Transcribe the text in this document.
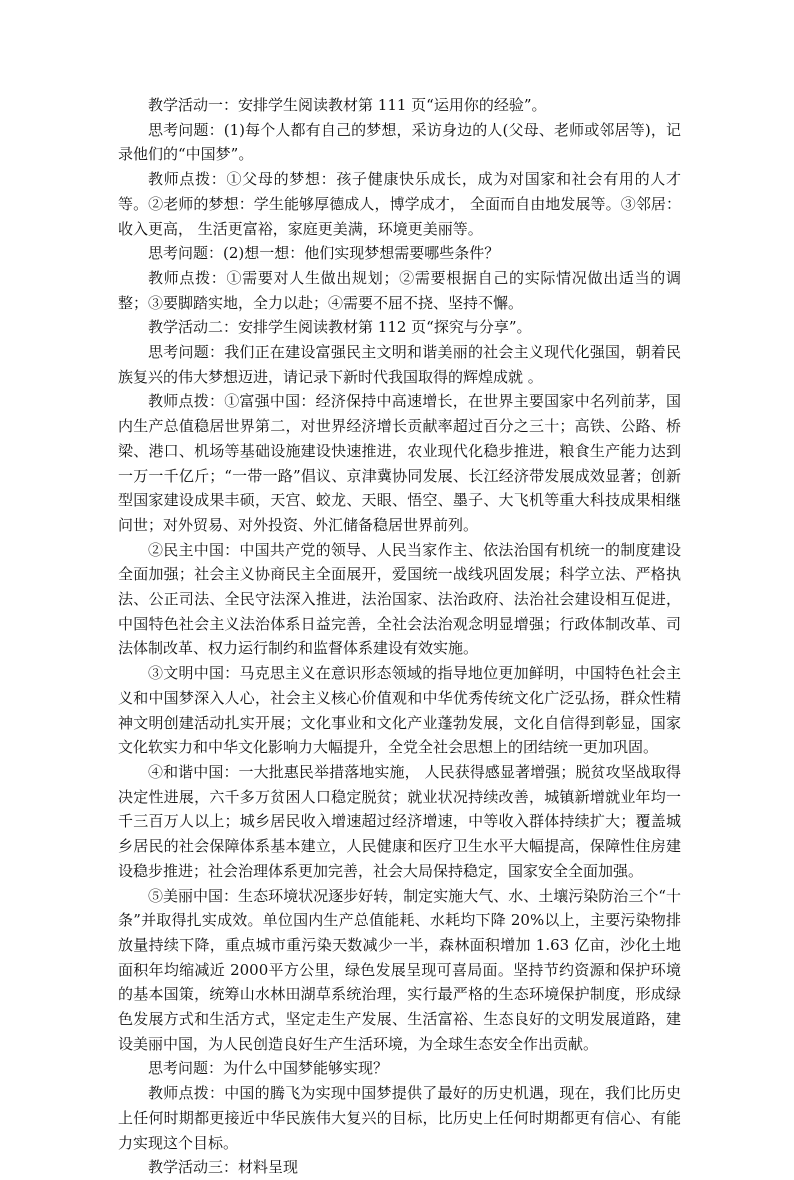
教学活动一：安排学生阅读教材第 111 页“运用你的经验”。

思考问题：(1)每个人都有自己的梦想，采访身边的人(父母、老师或邻居等)，记录他们的“中国梦”。

教师点拨：①父母的梦想：孩子健康快乐成长，成为对国家和社会有用的人才等。②老师的梦想：学生能够厚德成人，博学成才， 全面而自由地发展等。③邻居：收入更高， 生活更富裕，家庭更美满，环境更美丽等。

思考问题：(2)想一想：他们实现梦想需要哪些条件？

教师点拨：①需要对人生做出规划；②需要根据自己的实际情况做出适当的调整；③要脚踏实地，全力以赴；④需要不屈不挠、坚持不懈。

教学活动二：安排学生阅读教材第 112 页“探究与分享”。

思考问题：我们正在建设富强民主文明和谐美丽的社会主义现代化强国，朝着民族复兴的伟大梦想迈进，请记录下新时代我国取得的辉煌成就 。

教师点拨：①富强中国：经济保持中高速增长，在世界主要国家中名列前茅，国内生产总值稳居世界第二，对世界经济增长贡献率超过百分之三十；高铁、公路、桥梁、港口、机场等基础设施建设快速推进，农业现代化稳步推进，粮食生产能力达到一万一千亿斤；“一带一路”倡议、京津冀协同发展、长江经济带发展成效显著；创新型国家建设成果丰硕，天宫、蛟龙、天眼、悟空、墨子、大飞机等重大科技成果相继问世；对外贸易、对外投资、外汇储备稳居世界前列。

②民主中国：中国共产党的领导、人民当家作主、依法治国有机统一的制度建设全面加强；社会主义协商民主全面展开，爱国统一战线巩固发展；科学立法、严格执法、公正司法、全民守法深入推进，法治国家、法治政府、法治社会建设相互促进，中国特色社会主义法治体系日益完善，全社会法治观念明显增强；行政体制改革、司法体制改革、权力运行制约和监督体系建设有效实施。

③文明中国：马克思主义在意识形态领域的指导地位更加鲜明，中国特色社会主义和中国梦深入人心，社会主义核心价值观和中华优秀传统文化广泛弘扬，群众性精神文明创建活动扎实开展；文化事业和文化产业蓬勃发展，文化自信得到彰显，国家文化软实力和中华文化影响力大幅提升，全党全社会思想上的团结统一更加巩固。

④和谐中国：一大批惠民举措落地实施， 人民获得感显著增强；脱贫攻坚战取得决定性进展，六千多万贫困人口稳定脱贫；就业状况持续改善，城镇新增就业年均一千三百万人以上；城乡居民收入增速超过经济增速，中等收入群体持续扩大；覆盖城乡居民的社会保障体系基本建立，人民健康和医疗卫生水平大幅提高，保障性住房建设稳步推进；社会治理体系更加完善，社会大局保持稳定，国家安全全面加强。

⑤美丽中国：生态环境状况逐步好转，制定实施大气、水、土壤污染防治三个“十条”并取得扎实成效。单位国内生产总值能耗、水耗均下降 20%以上，主要污染物排放量持续下降，重点城市重污染天数减少一半，森林面积增加 1.63 亿亩，沙化土地面积年均缩减近 2000平方公里，绿色发展呈现可喜局面。坚持节约资源和保护环境的基本国策，统筹山水林田湖草系统治理，实行最严格的生态环境保护制度，形成绿色发展方式和生活方式，坚定走生产发展、生活富裕、生态良好的文明发展道路，建设美丽中国，为人民创造良好生产生活环境，为全球生态安全作出贡献。

思考问题：为什么中国梦能够实现？

教师点拨：中国的腾飞为实现中国梦提供了最好的历史机遇，现在，我们比历史上任何时期都更接近中华民族伟大复兴的目标，比历史上任何时期都更有信心、有能力实现这个目标。

教学活动三：材料呈现
